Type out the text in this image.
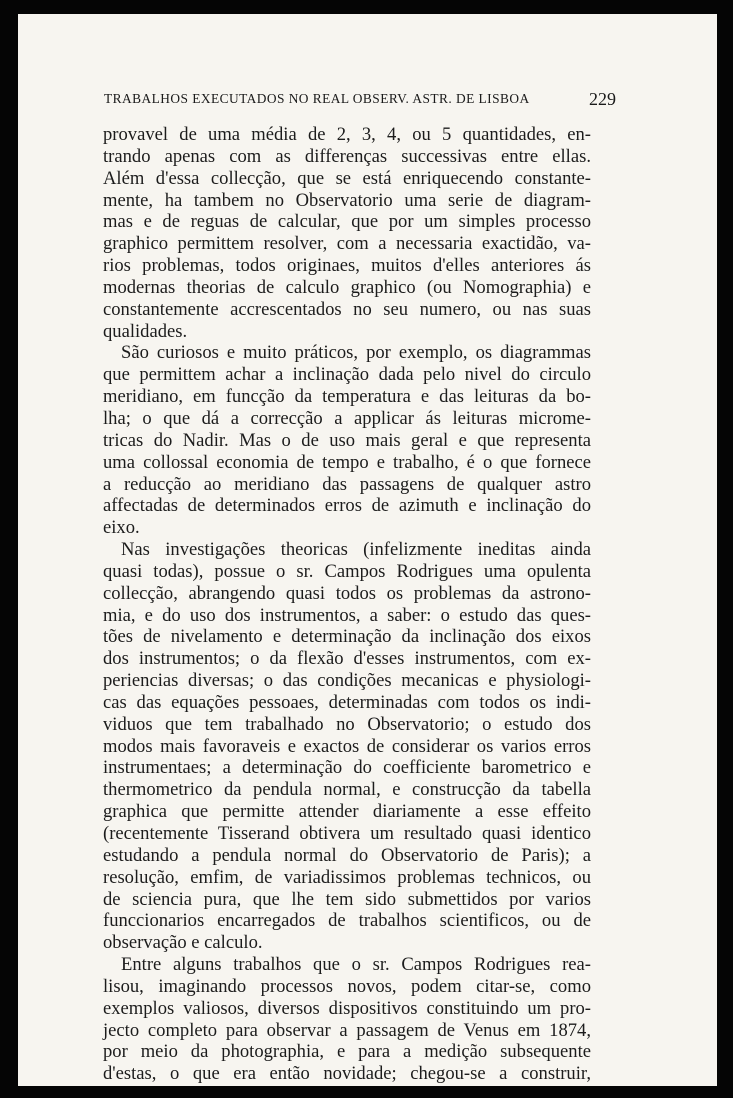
TRABALHOS EXECUTADOS NO REAL OBSERV. ASTR. DE LISBOA	229
provavel de uma média de 2, 3, 4, ou 5 quantidades, en-
trando apenas com as differenças successivas entre ellas.
Além d'essa collecção, que se está enriquecendo constante-
mente, ha tambem no Observatorio uma serie de diagram-
mas e de reguas de calcular, que por um simples processo
graphico permittem resolver, com a necessaria exactidão, va-
rios problemas, todos originaes, muitos d'elles anteriores ás
modernas theorias de calculo graphico (ou Nomographia) e
constantemente accrescentados no seu numero, ou nas suas
qualidades.
São curiosos e muito práticos, por exemplo, os diagrammas
que permittem achar a inclinação dada pelo nivel do circulo
meridiano, em funcção da temperatura e das leituras da bo-
lha; o que dá a correcção a applicar ás leituras microme-
tricas do Nadir. Mas o de uso mais geral e que representa
uma collossal economia de tempo e trabalho, é o que fornece
a reducção ao meridiano das passagens de qualquer astro
affectadas de determinados erros de azimuth e inclinação do
eixo.
Nas investigações theoricas (infelizmente ineditas ainda
quasi todas), possue o sr. Campos Rodrigues uma opulenta
collecção, abrangendo quasi todos os problemas da astrono-
mia, e do uso dos instrumentos, a saber: o estudo das ques-
tões de nivelamento e determinação da inclinação dos eixos
dos instrumentos; o da flexão d'esses instrumentos, com ex-
periencias diversas; o das condições mecanicas e physiologi-
cas das equações pessoaes, determinadas com todos os indi-
viduos que tem trabalhado no Observatorio; o estudo dos
modos mais favoraveis e exactos de considerar os varios erros
instrumentaes; a determinação do coefficiente barometrico e
thermometrico da pendula normal, e construcção da tabella
graphica que permitte attender diariamente a esse effeito
(recentemente Tisserand obtivera um resultado quasi identico
estudando a pendula normal do Observatorio de Paris); a
resolução, emfim, de variadissimos problemas technicos, ou
de sciencia pura, que lhe tem sido submettidos por varios
funccionarios encarregados de trabalhos scientificos, ou de
observação e calculo.
Entre alguns trabalhos que o sr. Campos Rodrigues rea-
lisou, imaginando processos novos, podem citar-se, como
exemplos valiosos, diversos dispositivos constituindo um pro-
jecto completo para observar a passagem de Venus em 1874,
por meio da photographia, e para a medição subsequente
d'estas, o que era então novidade; chegou-se a construir,
